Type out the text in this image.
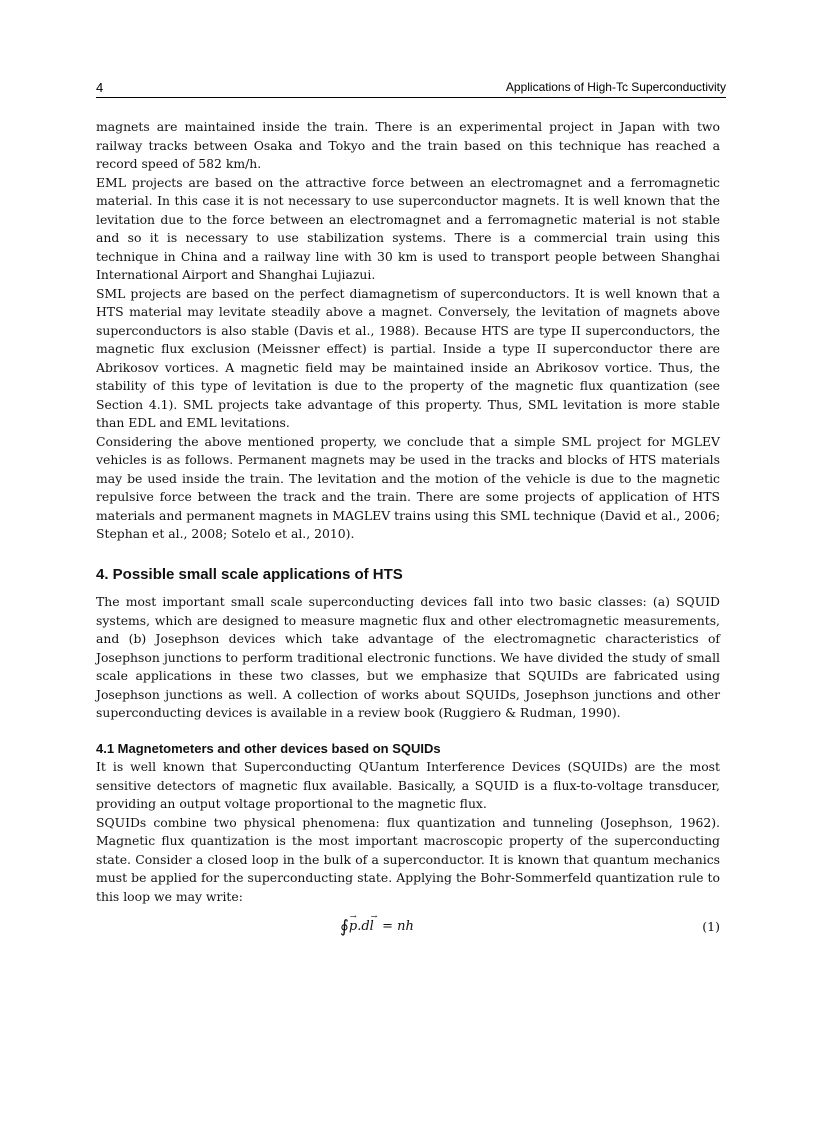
4	Applications of High-Tc Superconductivity

magnets are maintained inside the train. There is an experimental project in Japan with two railway tracks between Osaka and Tokyo and the train based on this technique has reached a record speed of 582 km/h.

EML projects are based on the attractive force between an electromagnet and a ferromagnetic material. In this case it is not necessary to use superconductor magnets. It is well known that the levitation due to the force between an electromagnet and a ferromagnetic material is not stable and so it is necessary to use stabilization systems. There is a commercial train using this technique in China and a railway line with 30 km is used to transport people between Shanghai International Airport and Shanghai Lujiazui.

SML projects are based on the perfect diamagnetism of superconductors. It is well known that a HTS material may levitate steadily above a magnet. Conversely, the levitation of magnets above superconductors is also stable (Davis et al., 1988). Because HTS are type II superconductors, the magnetic flux exclusion (Meissner effect) is partial. Inside a type II superconductor there are Abrikosov vortices. A magnetic field may be maintained inside an Abrikosov vortice. Thus, the stability of this type of levitation is due to the property of the magnetic flux quantization (see Section 4.1). SML projects take advantage of this property. Thus, SML levitation is more stable than EDL and EML levitations.

Considering the above mentioned property, we conclude that a simple SML project for MGLEV vehicles is as follows. Permanent magnets may be used in the tracks and blocks of HTS materials may be used inside the train. The levitation and the motion of the vehicle is due to the magnetic repulsive force between the track and the train. There are some projects of application of HTS materials and permanent magnets in MAGLEV trains using this SML technique (David et al., 2006; Stephan et al., 2008; Sotelo et al., 2010).

4. Possible small scale applications of HTS

The most important small scale superconducting devices fall into two basic classes: (a) SQUID systems, which are designed to measure magnetic flux and other electromagnetic measurements, and (b) Josephson devices which take advantage of the electromagnetic characteristics of Josephson junctions to perform traditional electronic functions. We have divided the study of small scale applications in these two classes, but we emphasize that SQUIDs are fabricated using Josephson junctions as well. A collection of works about SQUIDs, Josephson junctions and other superconducting devices is available in a review book (Ruggiero & Rudman, 1990).

4.1 Magnetometers and other devices based on SQUIDs

It is well known that Superconducting QUantum Interference Devices (SQUIDs) are the most sensitive detectors of magnetic flux available. Basically, a SQUID is a flux-to-voltage transducer, providing an output voltage proportional to the magnetic flux.

SQUIDs combine two physical phenomena: flux quantization and tunneling (Josephson, 1962). Magnetic flux quantization is the most important macroscopic property of the superconducting state. Consider a closed loop in the bulk of a superconductor. It is known that quantum mechanics must be applied for the superconducting state. Applying the Bohr-Sommerfeld quantization rule to this loop we may write:

∮→ p.d→ l = nh	(1)
